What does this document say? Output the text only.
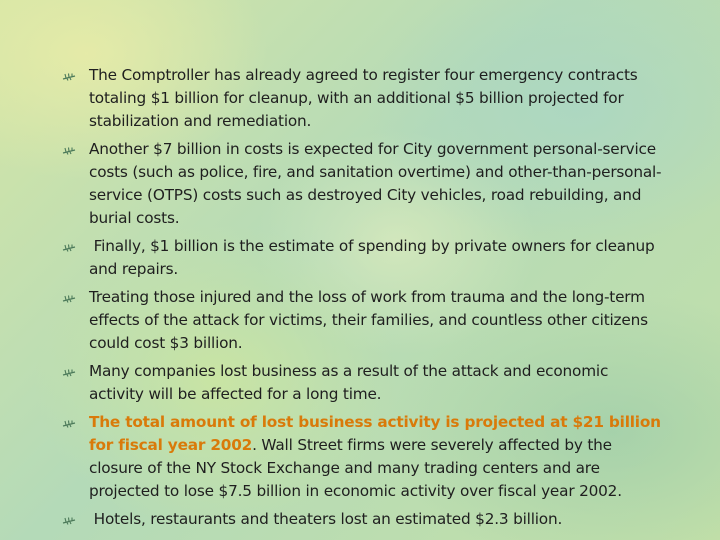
The Comptroller has already agreed to register four emergency contracts totaling $1 billion for cleanup, with an additional $5 billion projected for stabilization and remediation.
Another $7 billion in costs is expected for City government personal-service costs (such as police, fire, and sanitation overtime) and other-than-personal-service (OTPS) costs such as destroyed City vehicles, road rebuilding, and burial costs.
Finally, $1 billion is the estimate of spending by private owners for cleanup and repairs.
Treating those injured and the loss of work from trauma and the long-term effects of the attack for victims, their families, and countless other citizens could cost $3 billion.
Many companies lost business as a result of the attack and economic activity will be affected for a long time.
The total amount of lost business activity is projected at $21 billion for fiscal year 2002. Wall Street firms were severely affected by the closure of the NY Stock Exchange and many trading centers and are projected to lose $7.5 billion in economic activity over fiscal year 2002.
Hotels, restaurants and theaters lost an estimated $2.3 billion.
